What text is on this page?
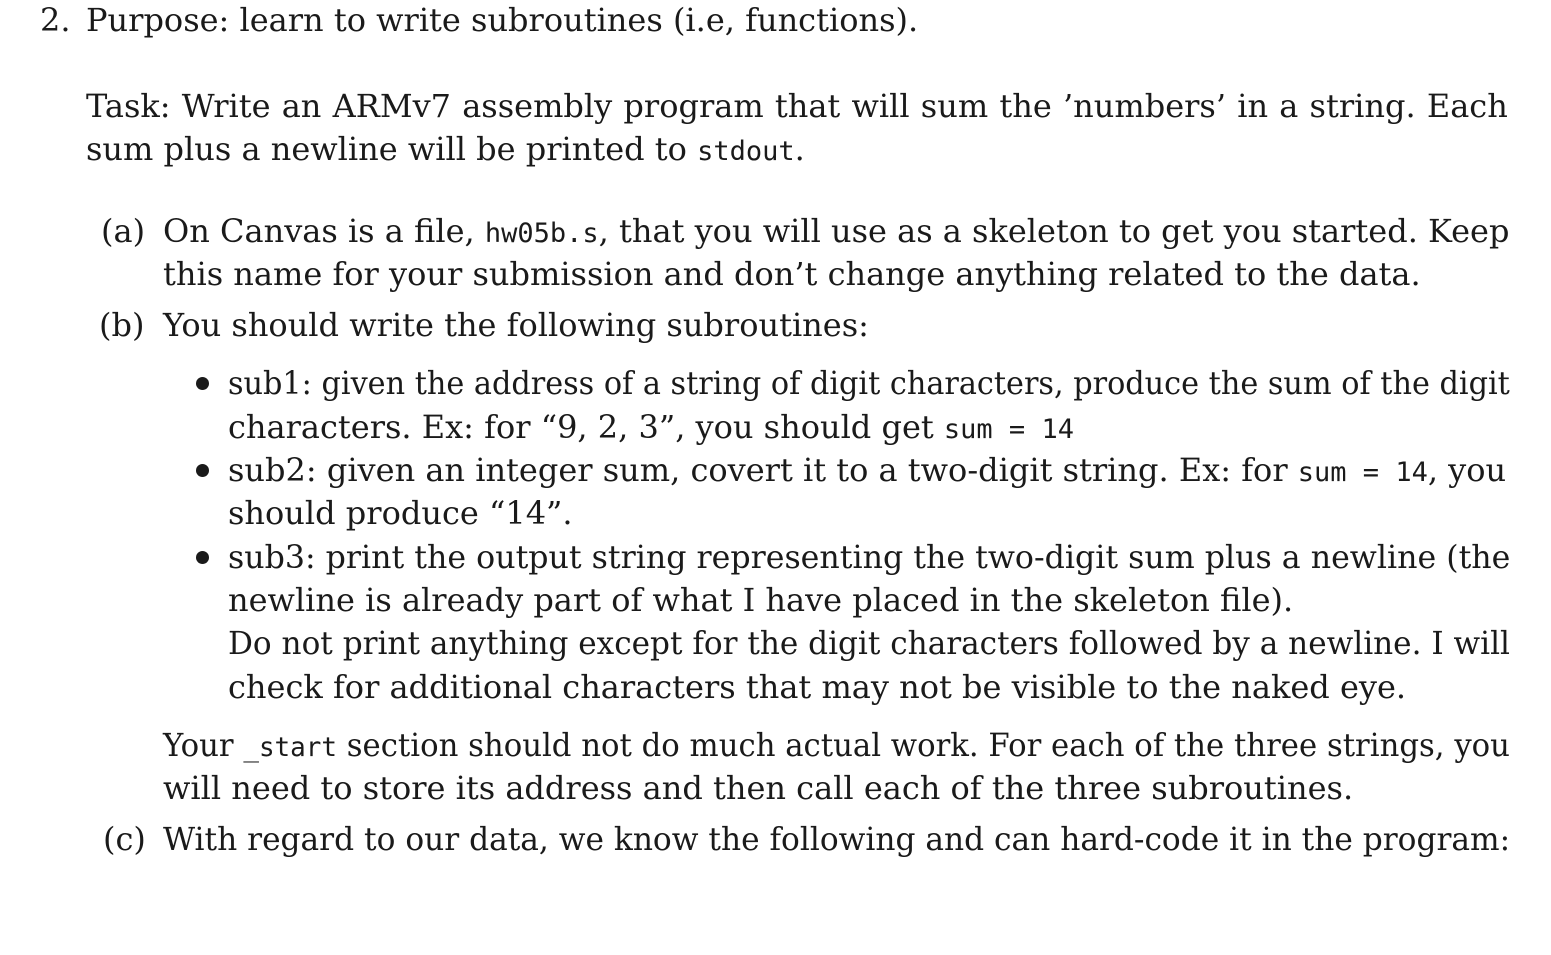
2. Purpose: learn to write subroutines (i.e, functions).
Task: Write an ARMv7 assembly program that will sum the ’numbers’ in a string. Each
sum plus a newline will be printed to stdout.
(a) On Canvas is a file, hw05b.s, that you will use as a skeleton to get you started. Keep
this name for your submission and don’t change anything related to the data.
(b) You should write the following subroutines:
sub1: given the address of a string of digit characters, produce the sum of the digit
characters. Ex: for “9, 2, 3”, you should get sum = 14
sub2: given an integer sum, covert it to a two-digit string. Ex: for sum = 14, you
should produce “14”.
sub3: print the output string representing the two-digit sum plus a newline (the
newline is already part of what I have placed in the skeleton file).
Do not print anything except for the digit characters followed by a newline. I will
check for additional characters that may not be visible to the naked eye.
Your _start section should not do much actual work. For each of the three strings, you
will need to store its address and then call each of the three subroutines.
(c) With regard to our data, we know the following and can hard-code it in the program:
